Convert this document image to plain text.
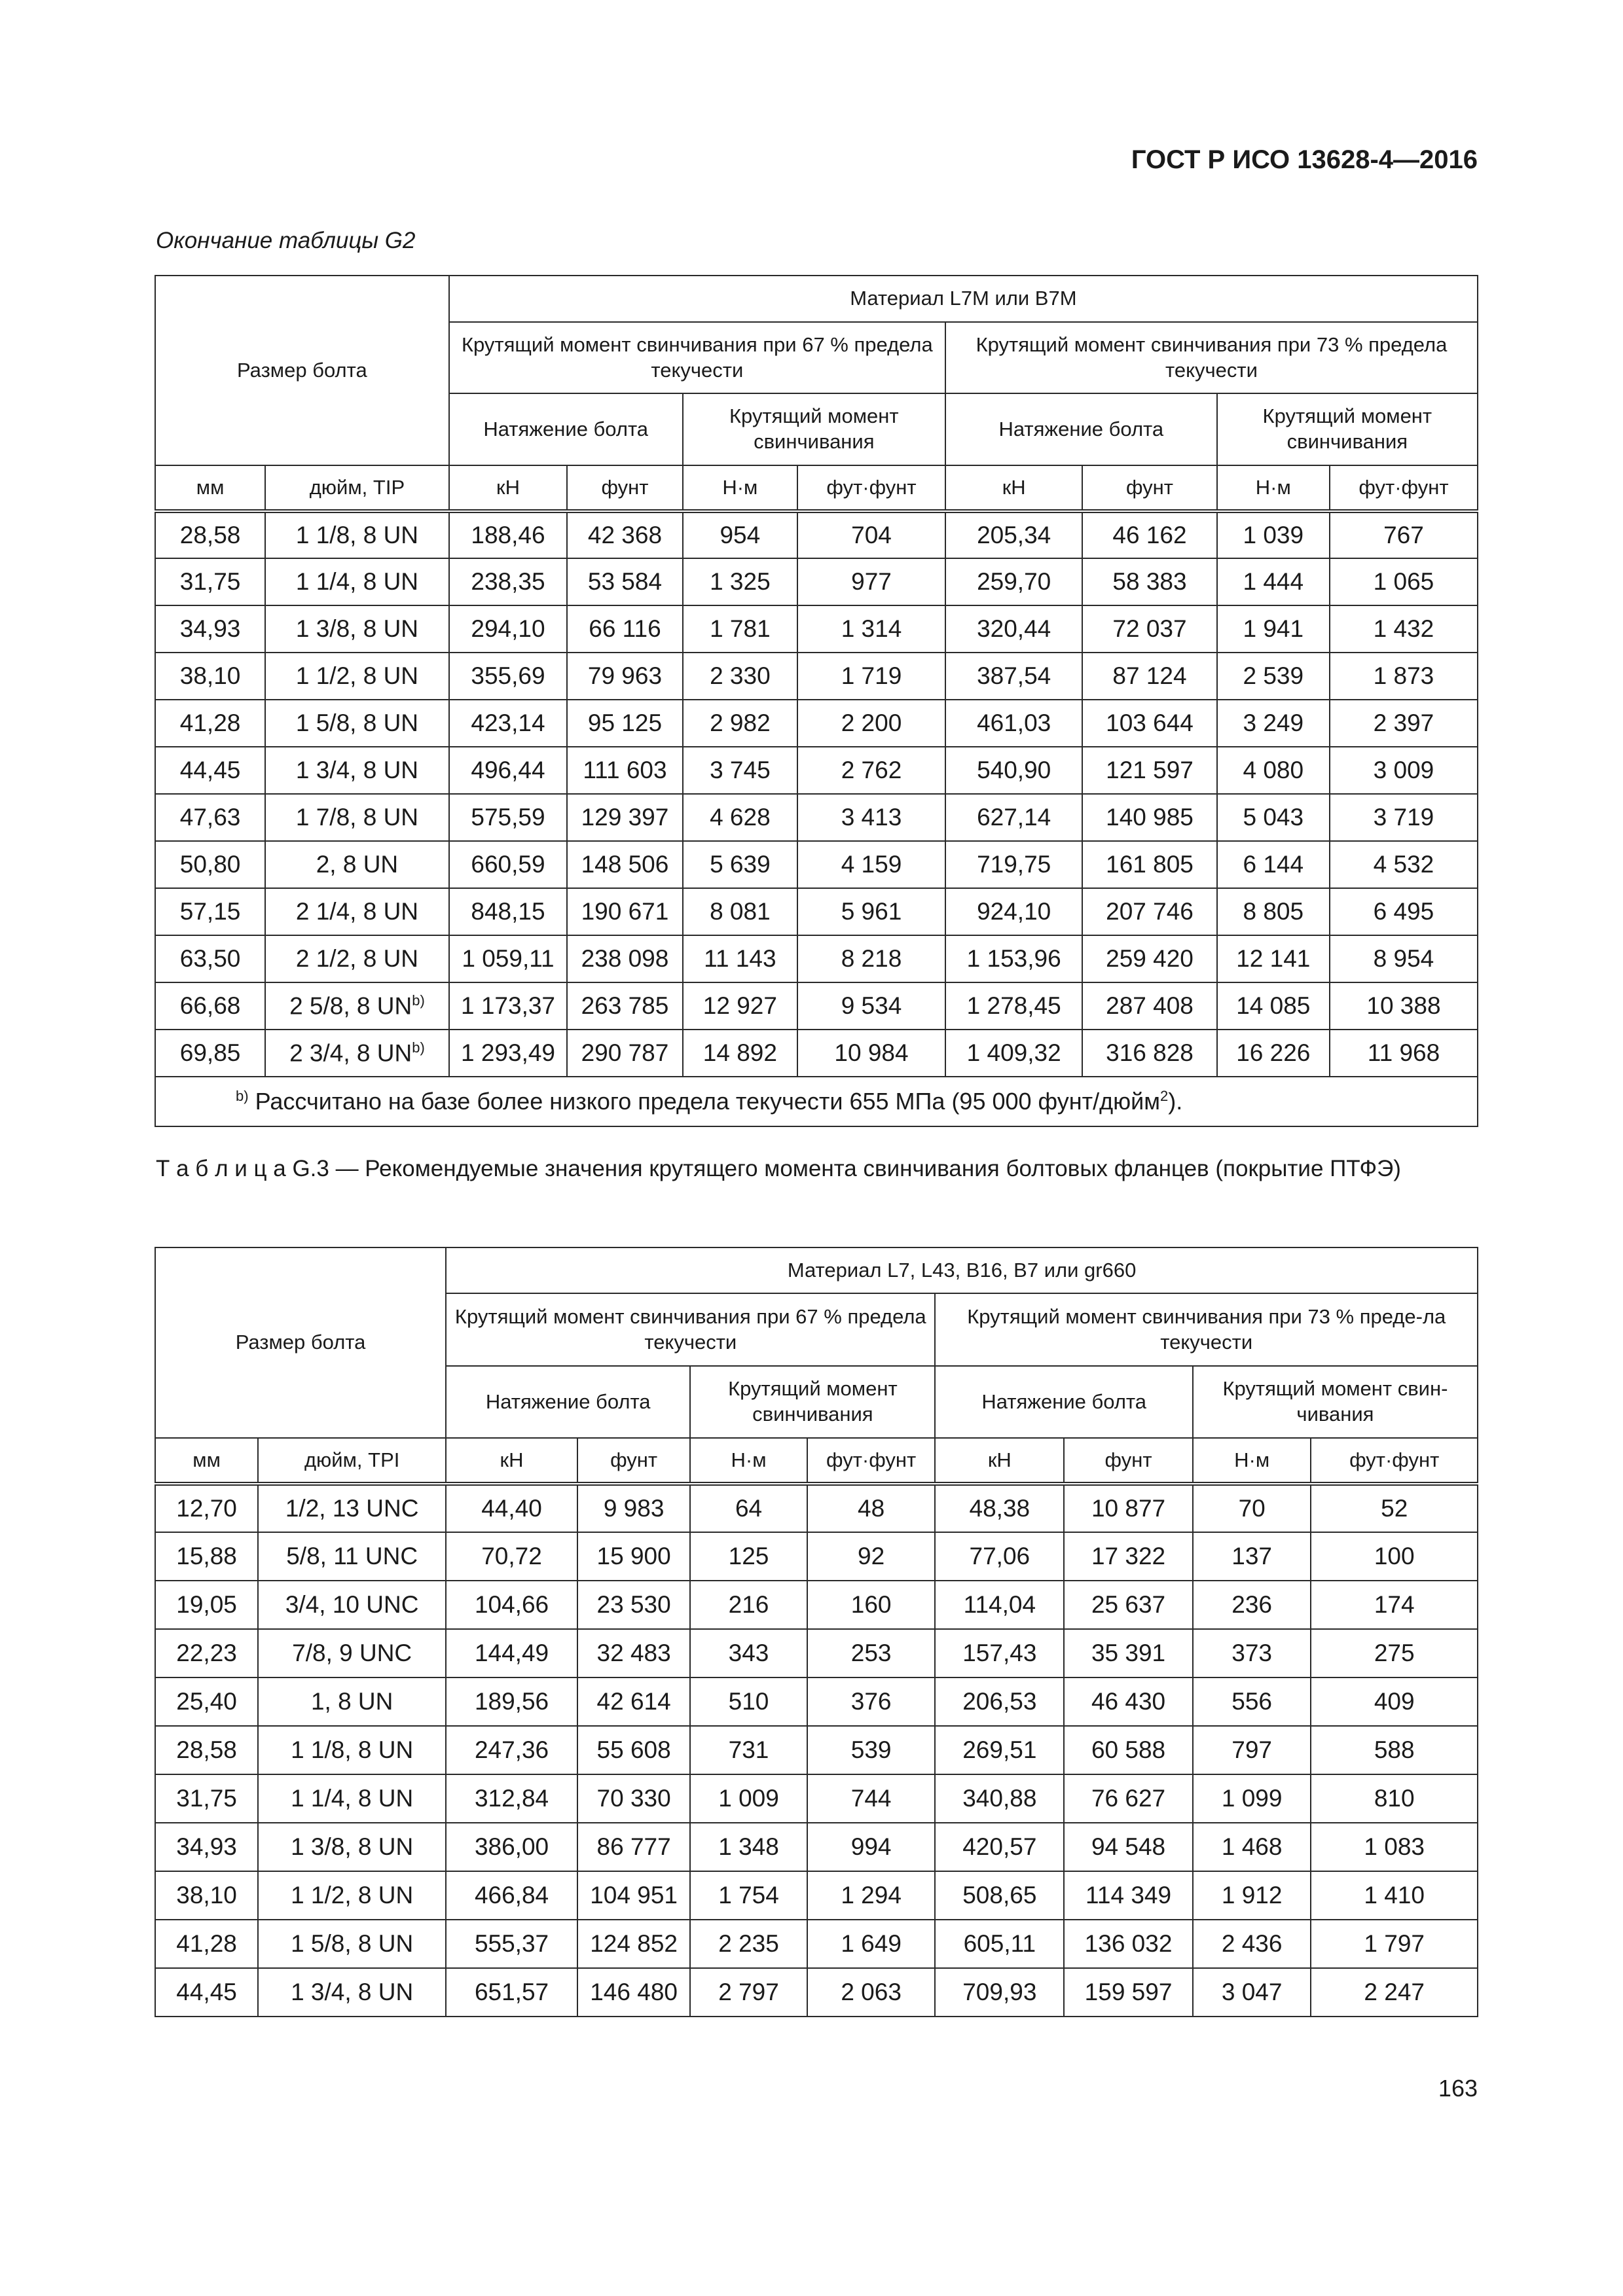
ГОСТ Р ИСО 13628-4—2016
Окончание таблицы G2
Размер болта		Материал L7M или B7M							
		Крутящий момент свинчивания при 67 % предела текучести				Крутящий момент свинчивания при 73 % предела текучести			
		Натяжение болта		Крутящий момент свинчивания		Натяжение болта		Крутящий момент свинчивания	
мм	дюйм, TIP	кН	фунт	Н·м	фут·фунт	кН	фунт	Н·м	фут·фунт
28,58	1 1/8, 8 UN	188,46	42 368	954	704	205,34	46 162	1 039	767
31,75	1 1/4, 8 UN	238,35	53 584	1 325	977	259,70	58 383	1 444	1 065
34,93	1 3/8, 8 UN	294,10	66 116	1 781	1 314	320,44	72 037	1 941	1 432
38,10	1 1/2, 8 UN	355,69	79 963	2 330	1 719	387,54	87 124	2 539	1 873
41,28	1 5/8, 8 UN	423,14	95 125	2 982	2 200	461,03	103 644	3 249	2 397
44,45	1 3/4, 8 UN	496,44	111 603	3 745	2 762	540,90	121 597	4 080	3 009
47,63	1 7/8, 8 UN	575,59	129 397	4 628	3 413	627,14	140 985	5 043	3 719
50,80	2, 8 UN	660,59	148 506	5 639	4 159	719,75	161 805	6 144	4 532
57,15	2 1/4, 8 UN	848,15	190 671	8 081	5 961	924,10	207 746	8 805	6 495
63,50	2 1/2, 8 UN	1 059,11	238 098	11 143	8 218	1 153,96	259 420	12 141	8 954
66,68	2 5/8, 8 UN$^{b)}$	1 173,37	263 785	12 927	9 534	1 278,45	287 408	14 085	10 388
69,85	2 3/4, 8 UN$^{b)}$	1 293,49	290 787	14 892	10 984	1 409,32	316 828	16 226	11 968
$^{b)}$ Рассчитано на базе более низкого предела текучести 655 МПа (95 000 фунт/дюйм$^2$).									
Т а б л и ц а G.3 — Рекомендуемые значения крутящего момента свинчивания болтовых фланцев (покрытие ПТФЭ)
Размер болта		Материал L7, L43, B16, B7 или gr660							
		Крутящий момент свинчивания при 67 % предела текучести				Крутящий момент свинчивания при 73 % преде-ла текучести			
		Натяжение болта		Крутящий момент свинчивания		Натяжение болта		Крутящий момент свин-чивания	
мм	дюйм, TPI	кН	фунт	Н·м	фут·фунт	кН	фунт	Н·м	фут·фунт
12,70	1/2, 13 UNC	44,40	9 983	64	48	48,38	10 877	70	52
15,88	5/8, 11 UNC	70,72	15 900	125	92	77,06	17 322	137	100
19,05	3/4, 10 UNC	104,66	23 530	216	160	114,04	25 637	236	174
22,23	7/8, 9 UNC	144,49	32 483	343	253	157,43	35 391	373	275
25,40	1, 8 UN	189,56	42 614	510	376	206,53	46 430	556	409
28,58	1 1/8, 8 UN	247,36	55 608	731	539	269,51	60 588	797	588
31,75	1 1/4, 8 UN	312,84	70 330	1 009	744	340,88	76 627	1 099	810
34,93	1 3/8, 8 UN	386,00	86 777	1 348	994	420,57	94 548	1 468	1 083
38,10	1 1/2, 8 UN	466,84	104 951	1 754	1 294	508,65	114 349	1 912	1 410
41,28	1 5/8, 8 UN	555,37	124 852	2 235	1 649	605,11	136 032	2 436	1 797
44,45	1 3/4, 8 UN	651,57	146 480	2 797	2 063	709,93	159 597	3 047	2 247
163
